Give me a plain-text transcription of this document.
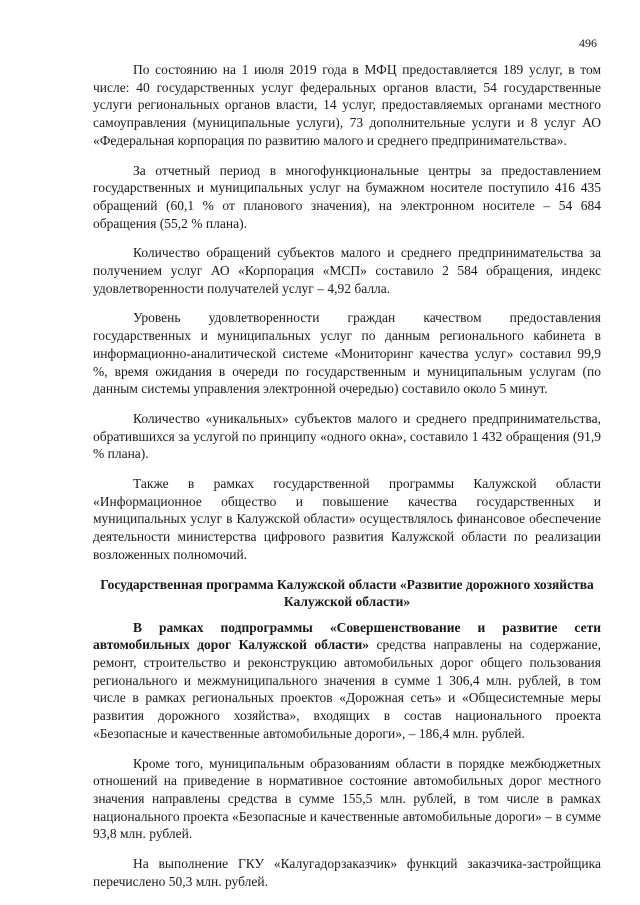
496

По состоянию на 1 июля 2019 года в МФЦ предоставляется 189 услуг, в том числе: 40 государственных услуг федеральных органов власти, 54 государственные услуги региональных органов власти, 14 услуг, предоставляемых органами местного самоуправления (муниципальные услуги), 73 дополнительные услуги и 8 услуг АО «Федеральная корпорация по развитию малого и среднего предпринимательства».

За отчетный период в многофункциональные центры за предоставлением государственных и муниципальных услуг на бумажном носителе поступило 416 435 обращений (60,1 % от планового значения), на электронном носителе – 54 684 обращения (55,2 % плана).

Количество обращений субъектов малого и среднего предпринимательства за получением услуг АО «Корпорация «МСП» составило 2 584 обращения, индекс удовлетворенности получателей услуг – 4,92 балла.

Уровень удовлетворенности граждан качеством предоставления государственных и муниципальных услуг по данным регионального кабинета в информационно-аналитической системе «Мониторинг качества услуг» составил 99,9 %, время ожидания в очереди по государственным и муниципальным услугам (по данным системы управления электронной очередью) составило около 5 минут.

Количество «уникальных» субъектов малого и среднего предпринимательства, обратившихся за услугой по принципу «одного окна», составило 1 432 обращения (91,9 % плана).

Также в рамках государственной программы Калужской области «Информационное общество и повышение качества государственных и муниципальных услуг в Калужской области» осуществлялось финансовое обеспечение деятельности министерства цифрового развития Калужской области по реализации возложенных полномочий.

Государственная программа Калужской области «Развитие дорожного хозяйства Калужской области»

В рамках подпрограммы «Совершенствование и развитие сети автомобильных дорог Калужской области» средства направлены на содержание, ремонт, строительство и реконструкцию автомобильных дорог общего пользования регионального и межмуниципального значения в сумме 1 306,4 млн. рублей, в том числе в рамках региональных проектов «Дорожная сеть» и «Общесистемные меры развития дорожного хозяйства», входящих в состав национального проекта «Безопасные и качественные автомобильные дороги», – 186,4 млн. рублей.

Кроме того, муниципальным образованиям области в порядке межбюджетных отношений на приведение в нормативное состояние автомобильных дорог местного значения направлены средства в сумме 155,5 млн. рублей, в том числе в рамках национального проекта «Безопасные и качественные автомобильные дороги» – в сумме 93,8 млн. рублей.

На выполнение ГКУ «Калугадорзаказчик» функций заказчика-застройщика перечислено 50,3 млн. рублей.
